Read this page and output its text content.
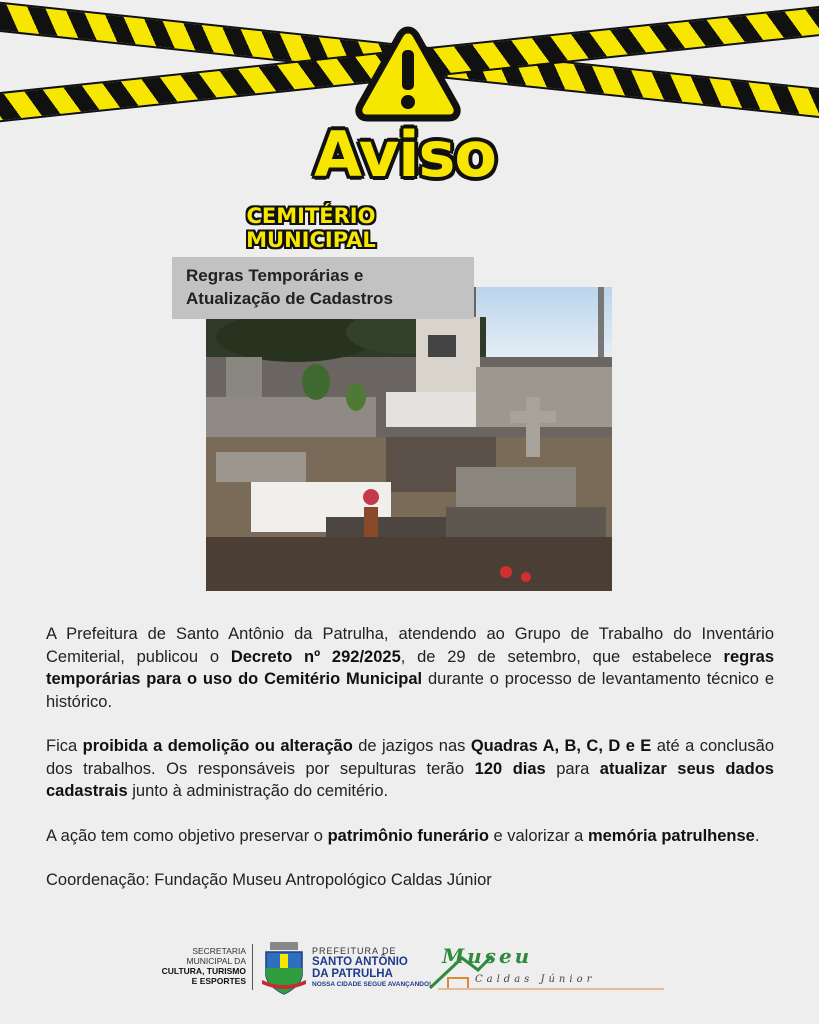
Aviso
CEMITÉRIO MUNICIPAL
Regras Temporárias e
Atualização de Cadastros

A Prefeitura de Santo Antônio da Patrulha, atendendo ao Grupo de Trabalho do Inventário Cemiterial, publicou o Decreto nº 292/2025, de 29 de setembro, que estabelece regras temporárias para o uso do Cemitério Municipal durante o processo de levantamento técnico e histórico.

Fica proibida a demolição ou alteração de jazigos nas Quadras A, B, C, D e E até a conclusão dos trabalhos. Os responsáveis por sepulturas terão 120 dias para atualizar seus dados cadastrais junto à administração do cemitério.

A ação tem como objetivo preservar o patrimônio funerário e valorizar a memória patrulhense.

Coordenação: Fundação Museu Antropológico Caldas Júnior

SECRETARIA
MUNICIPAL DA
CULTURA, TURISMO
E ESPORTES
PREFEITURA DE
SANTO ANTÔNIO
DA PATRULHA
NOSSA CIDADE SEGUE AVANÇANDO!
Museu
Caldas Júnior
